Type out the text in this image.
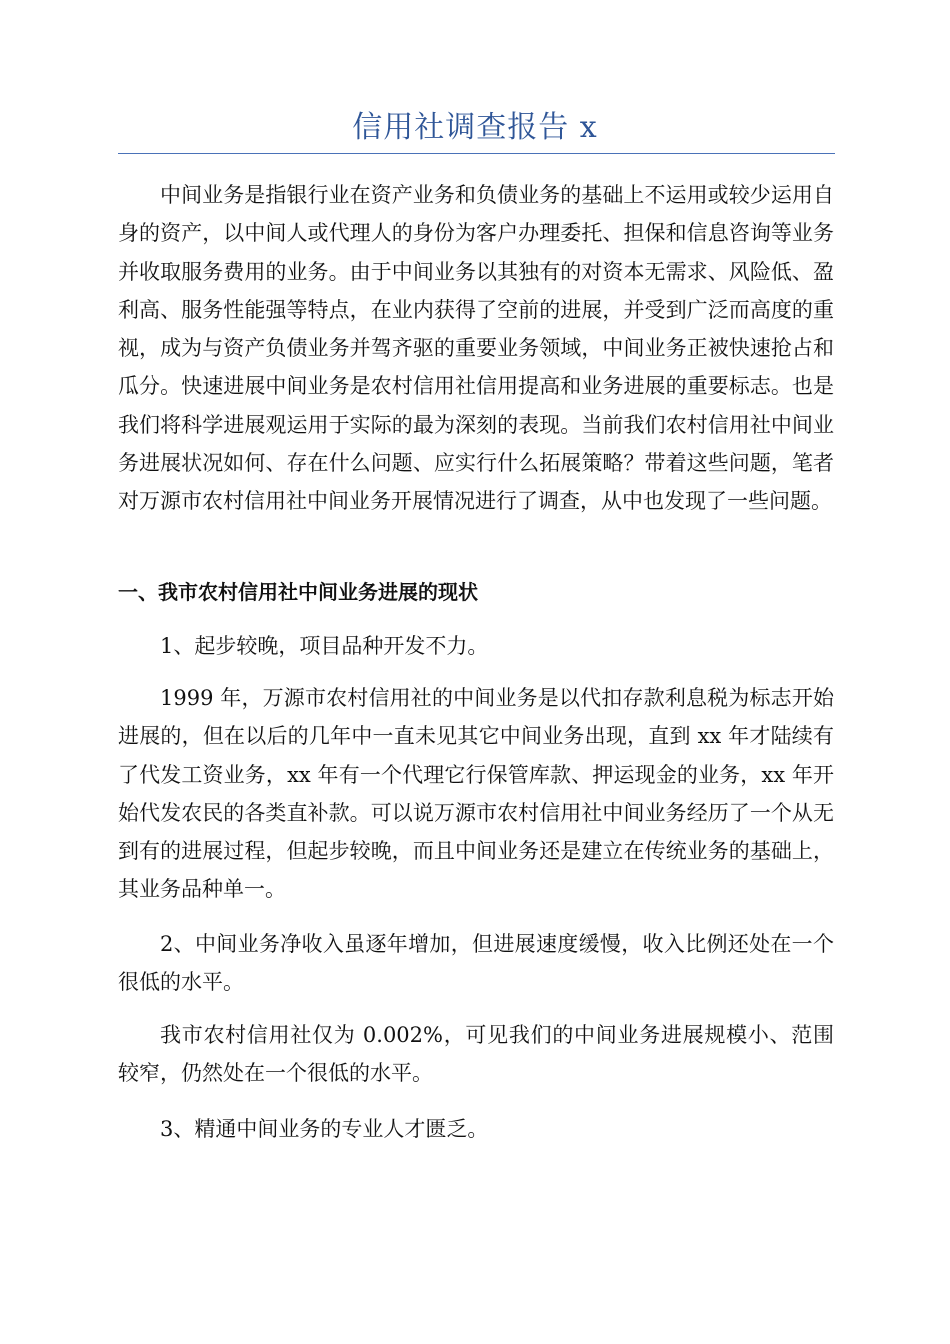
信用社调查报告 x

中间业务是指银行业在资产业务和负债业务的基础上不运用或较少运用自身的资产，以中间人或代理人的身份为客户办理委托、担保和信息咨询等业务并收取服务费用的业务。由于中间业务以其独有的对资本无需求、风险低、盈利高、服务性能强等特点，在业内获得了空前的进展，并受到广泛而高度的重视，成为与资产负债业务并驾齐驱的重要业务领域，中间业务正被快速抢占和瓜分。快速进展中间业务是农村信用社信用提高和业务进展的重要标志。也是我们将科学进展观运用于实际的最为深刻的表现。当前我们农村信用社中间业务进展状况如何、存在什么问题、应实行什么拓展策略？带着这些问题，笔者对万源市农村信用社中间业务开展情况进行了调查，从中也发现了一些问题。

一、我市农村信用社中间业务进展的现状

1、起步较晚，项目品种开发不力。

1999 年，万源市农村信用社的中间业务是以代扣存款利息税为标志开始进展的，但在以后的几年中一直未见其它中间业务出现，直到 xx 年才陆续有了代发工资业务，xx 年有一个代理它行保管库款、押运现金的业务，xx 年开始代发农民的各类直补款。可以说万源市农村信用社中间业务经历了一个从无到有的进展过程，但起步较晚，而且中间业务还是建立在传统业务的基础上，其业务品种单一。

2、中间业务净收入虽逐年增加，但进展速度缓慢，收入比例还处在一个很低的水平。

我市农村信用社仅为 0.002%，可见我们的中间业务进展规模小、范围较窄，仍然处在一个很低的水平。

3、精通中间业务的专业人才匮乏。
